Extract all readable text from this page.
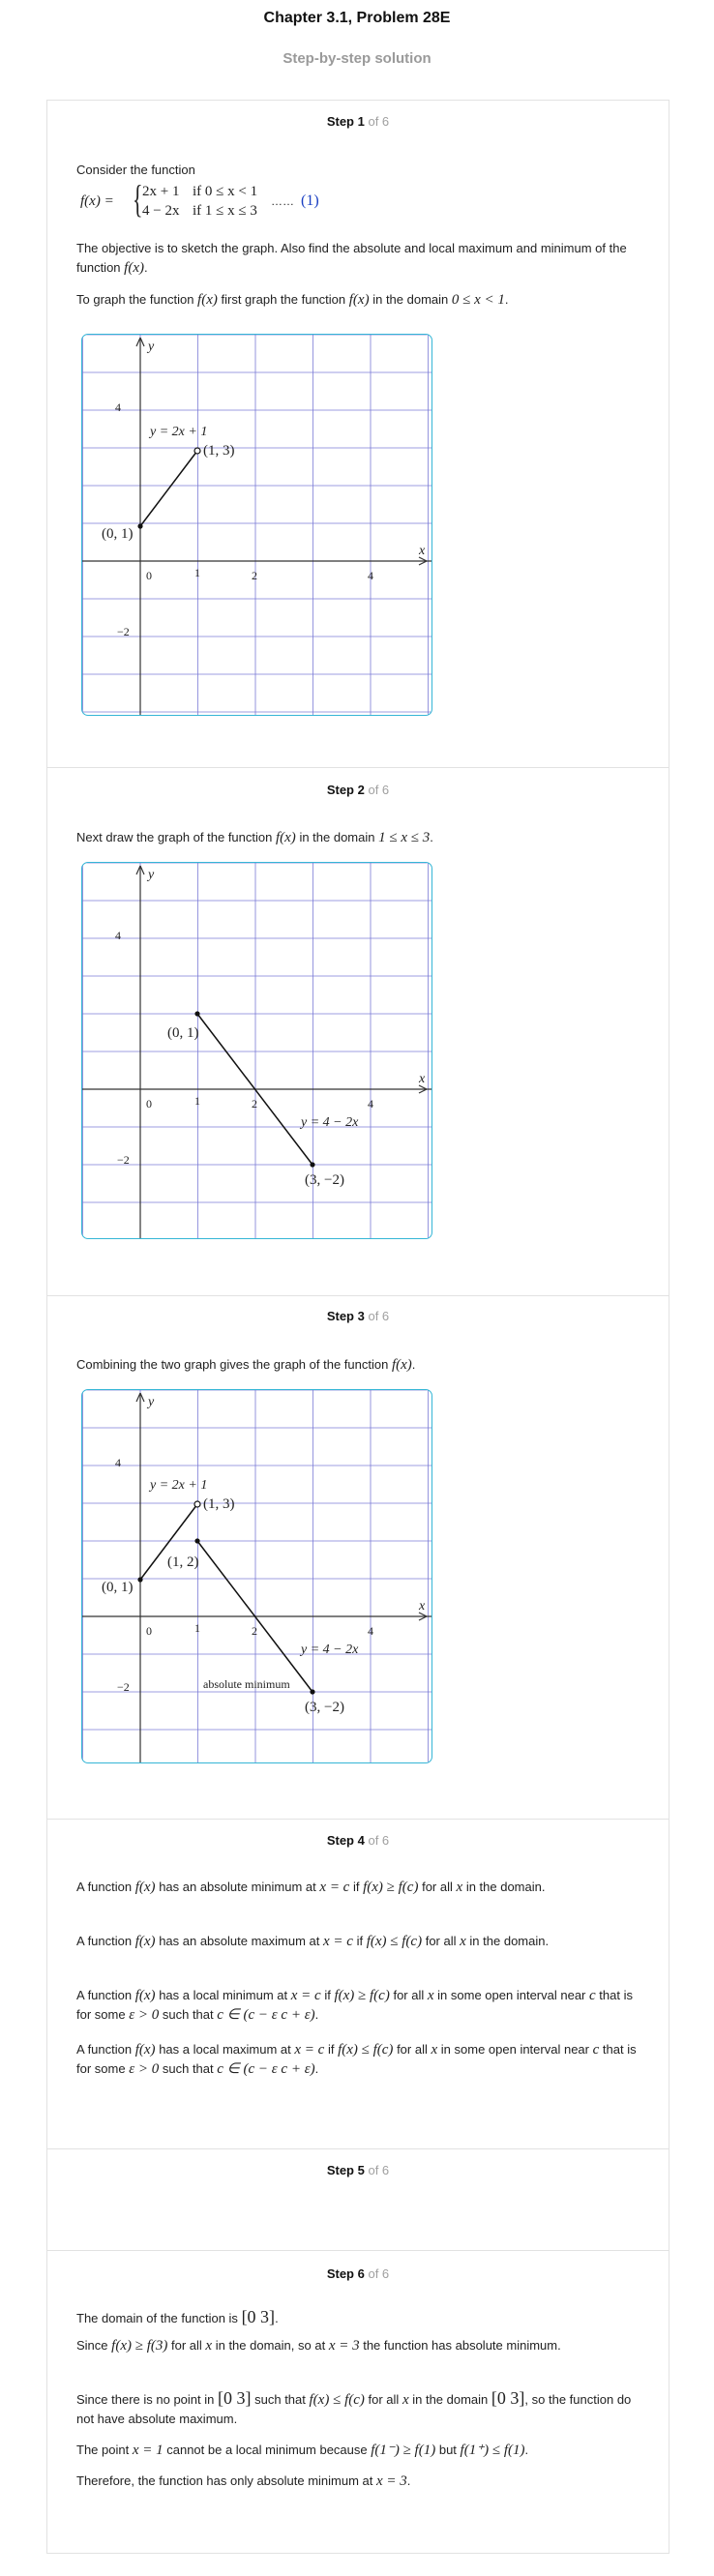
Chapter 3.1, Problem 28E
Step-by-step solution
Step 1 of 6
Consider the function
f(x) = { 2x + 1 if 0 ≤ x < 1
4 − 2x if 1 ≤ x ≤ 3
…… (1)
The objective is to sketch the graph. Also find the absolute and local maximum and minimum of the function f(x).
To graph the function f(x) first graph the function f(x) in the domain 0 ≤ x < 1.
y
x
0	1	2	4
4
−2
y = 2x + 1
(1, 3)
(0, 1)
Step 2 of 6
Next draw the graph of the function f(x) in the domain 1 ≤ x ≤ 3.
y
x
0	1	2	4
4
−2
(0, 1)
y = 4 − 2x
(3, −2)
Step 3 of 6
Combining the two graph gives the graph of the function f(x).
y
x
0	1	2	4
4
−2
y = 2x + 1
(1, 3)
(0, 1)
(1, 2)
y = 4 − 2x
absolute minimum
(3, −2)
Step 4 of 6
A function f(x) has an absolute minimum at x = c if f(x) ≥ f(c) for all x in the domain.
A function f(x) has an absolute maximum at x = c if f(x) ≤ f(c) for all x in the domain.
A function f(x) has a local minimum at x = c if f(x) ≥ f(c) for all x in some open interval near c that is for some ε > 0 such that c ∈ (c − ε c + ε).
A function f(x) has a local maximum at x = c if f(x) ≤ f(c) for all x in some open interval near c that is for some ε > 0 such that c ∈ (c − ε c + ε).
Step 5 of 6
Step 6 of 6
The domain of the function is [0 3].
Since f(x) ≥ f(3) for all x in the domain, so at x = 3 the function has absolute minimum.
Since there is no point in [0 3] such that f(x) ≤ f(c) for all x in the domain [0 3], so the function do not have absolute maximum.
The point x = 1 cannot be a local minimum because f(1⁻) ≥ f(1) but f(1⁺) ≤ f(1).
Therefore, the function has only absolute minimum at x = 3.
